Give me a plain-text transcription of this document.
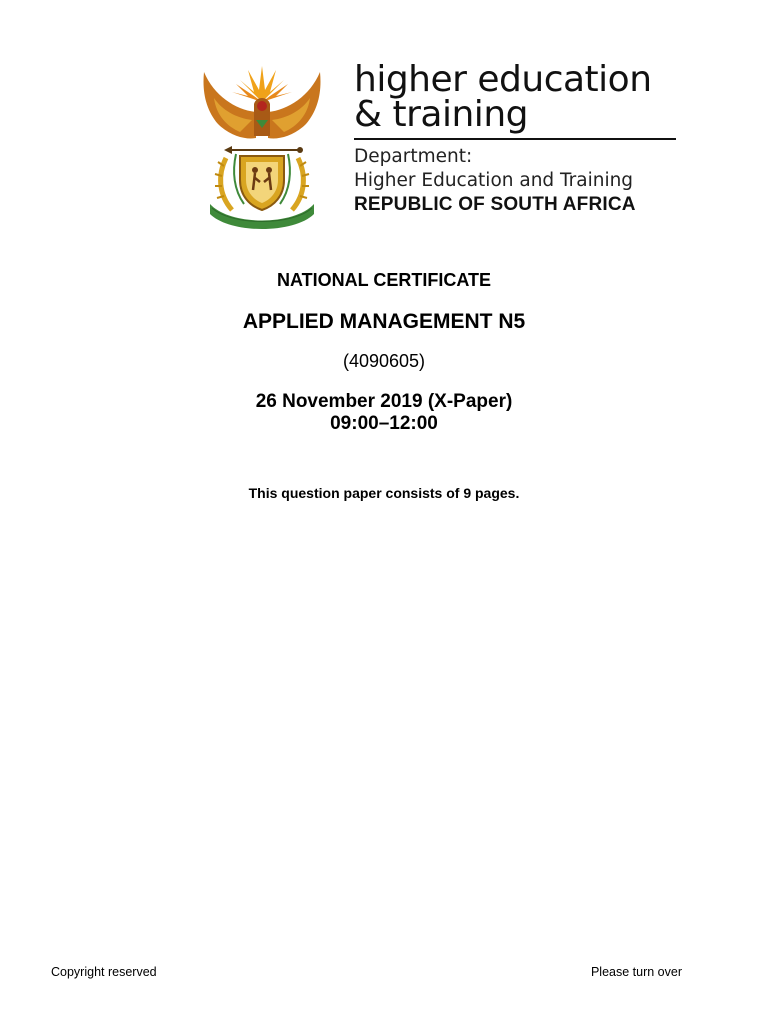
higher education
& training
Department:
Higher Education and Training
REPUBLIC OF SOUTH AFRICA
NATIONAL CERTIFICATE
APPLIED MANAGEMENT N5
(4090605)
26 November 2019 (X-Paper)
09:00–12:00
This question paper consists of 9 pages.
Copyright reserved	Please turn over
